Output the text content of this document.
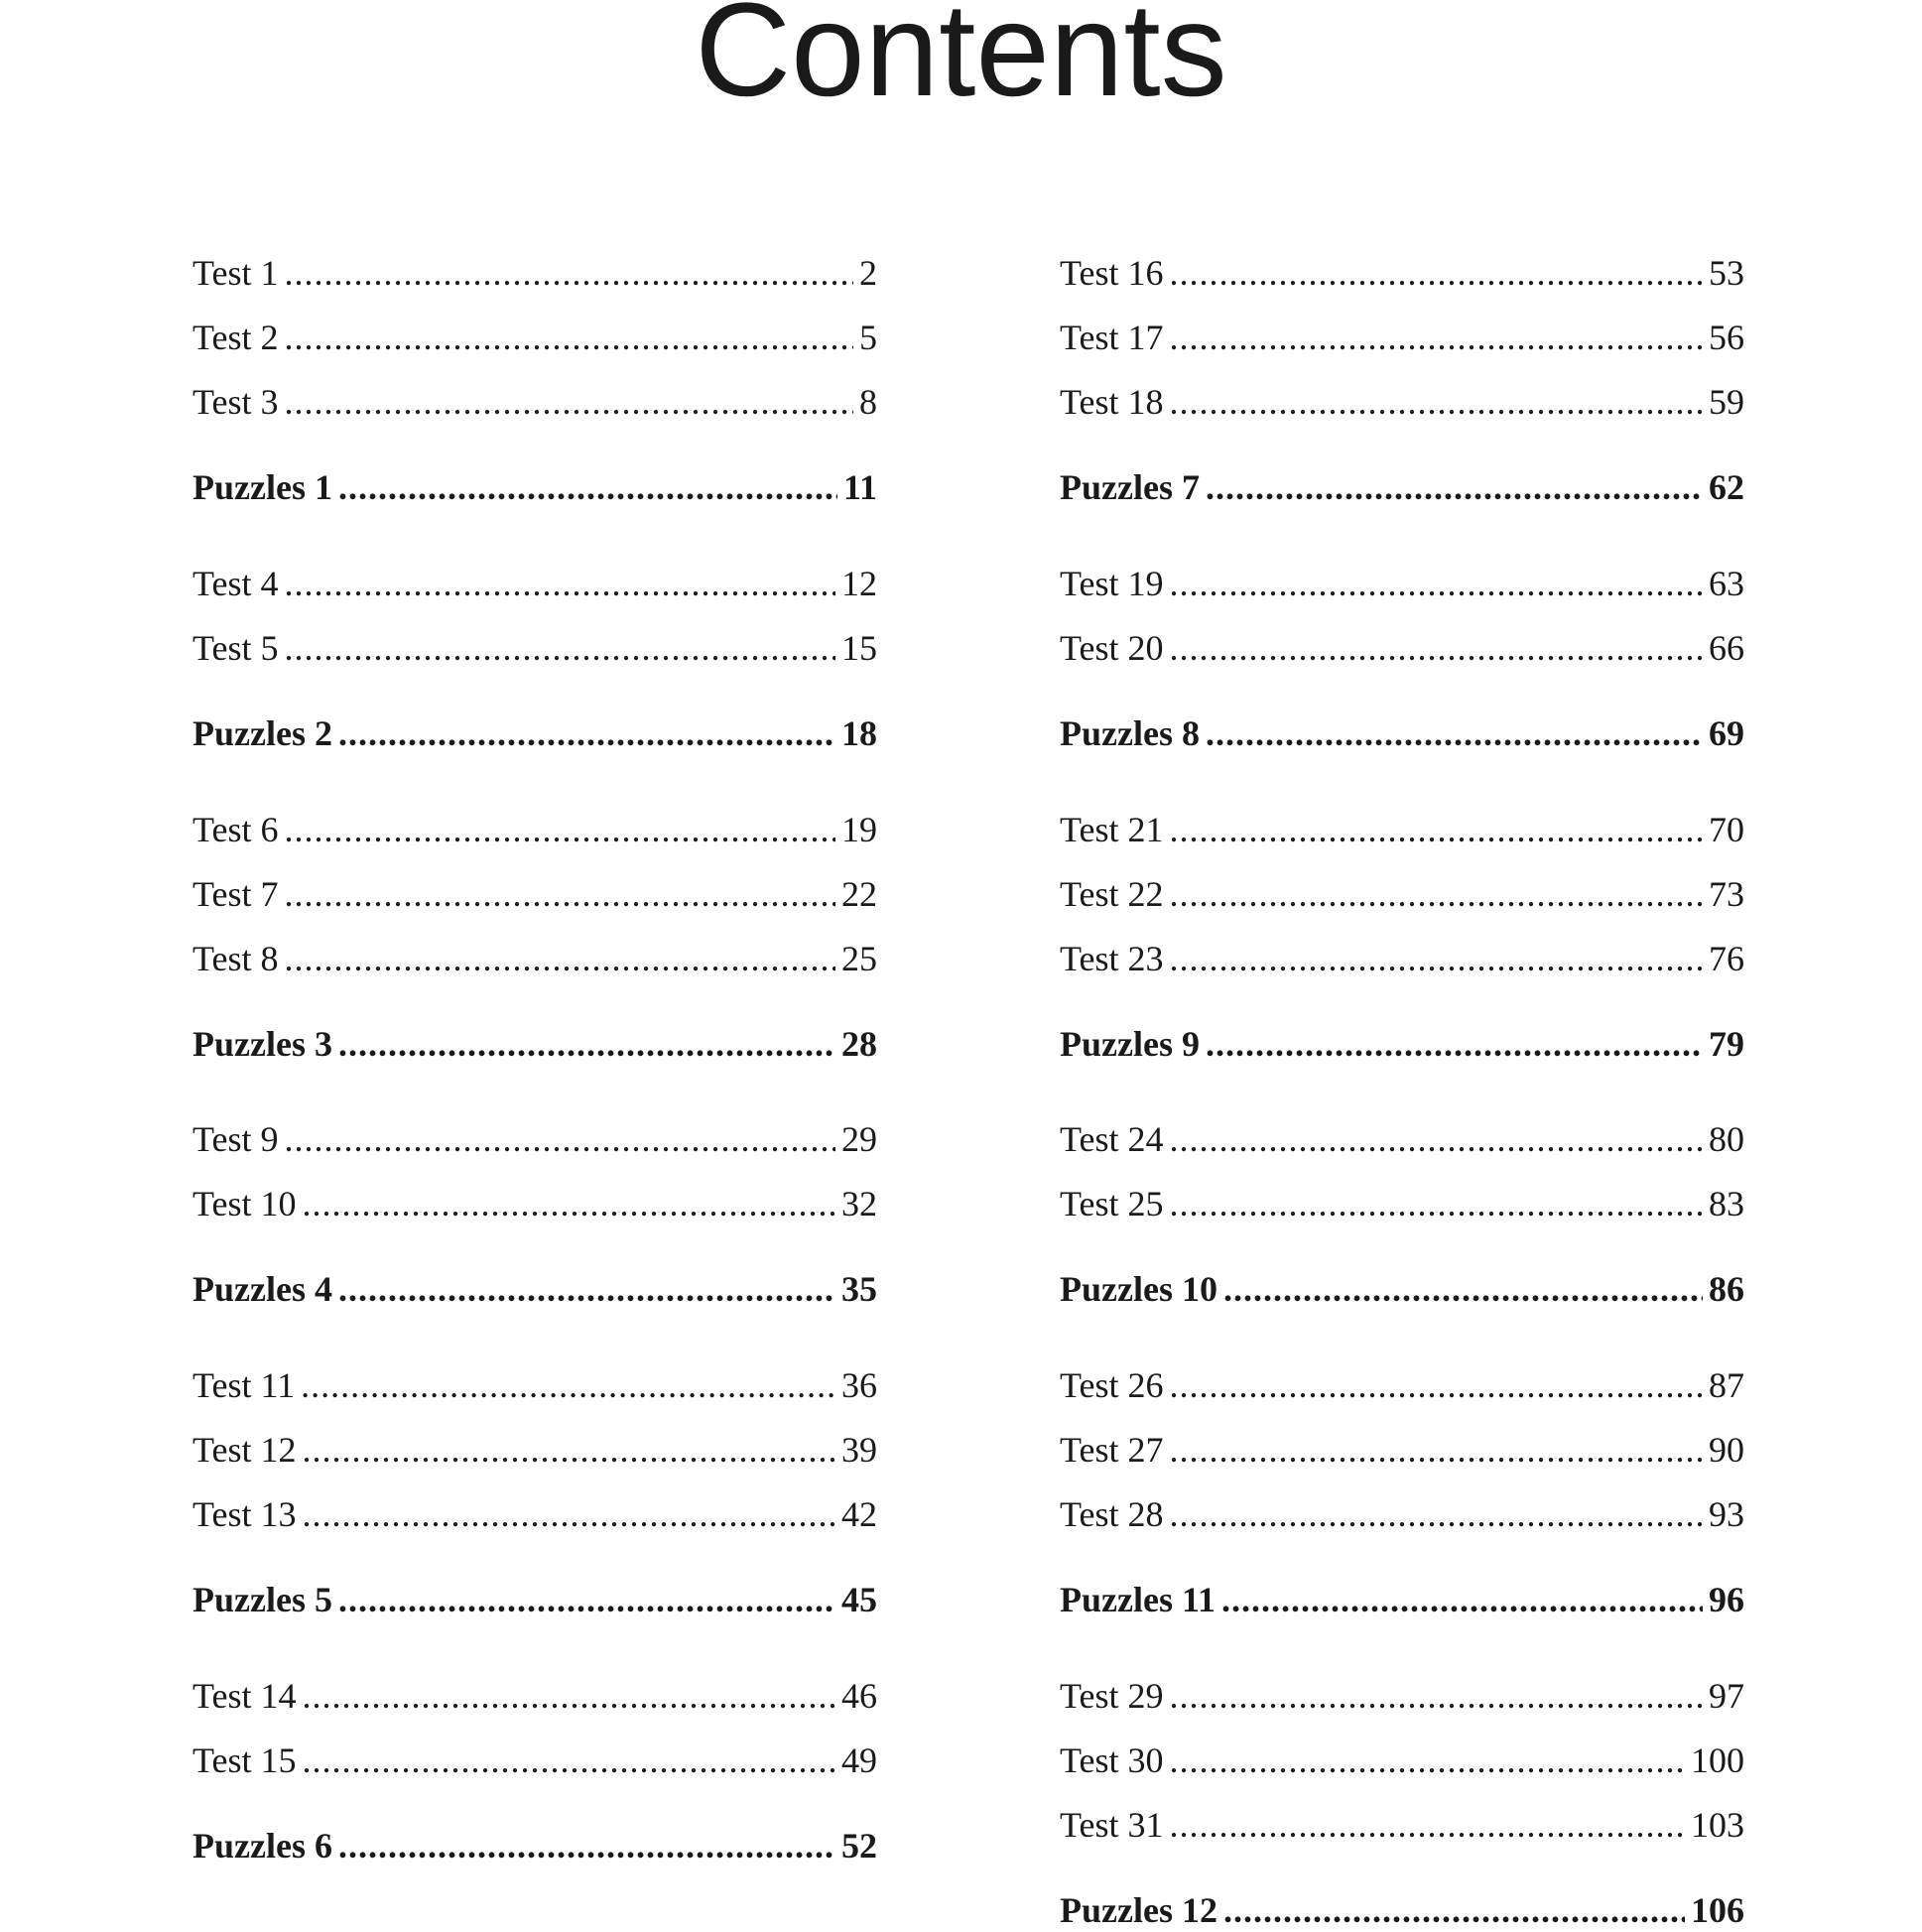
Contents
Test 1 .....	2
Test 2 .....	5
Test 3 .....	8
Puzzles 1 .....	11
Test 4 .....	12
Test 5 .....	15
Puzzles 2 .....	18
Test 6 .....	19
Test 7 .....	22
Test 8 .....	25
Puzzles 3 .....	28
Test 9 .....	29
Test 10 .....	32
Puzzles 4 .....	35
Test 11 .....	36
Test 12 .....	39
Test 13 .....	42
Puzzles 5 .....	45
Test 14 .....	46
Test 15 .....	49
Puzzles 6 .....	52
Test 16 .....	53
Test 17 .....	56
Test 18 .....	59
Puzzles 7 .....	62
Test 19 .....	63
Test 20 .....	66
Puzzles 8 .....	69
Test 21 .....	70
Test 22 .....	73
Test 23 .....	76
Puzzles 9 .....	79
Test 24 .....	80
Test 25 .....	83
Puzzles 10 .....	86
Test 26 .....	87
Test 27 .....	90
Test 28 .....	93
Puzzles 11 .....	96
Test 29 .....	97
Test 30 .....	100
Test 31 .....	103
Puzzles 12 .....	106
